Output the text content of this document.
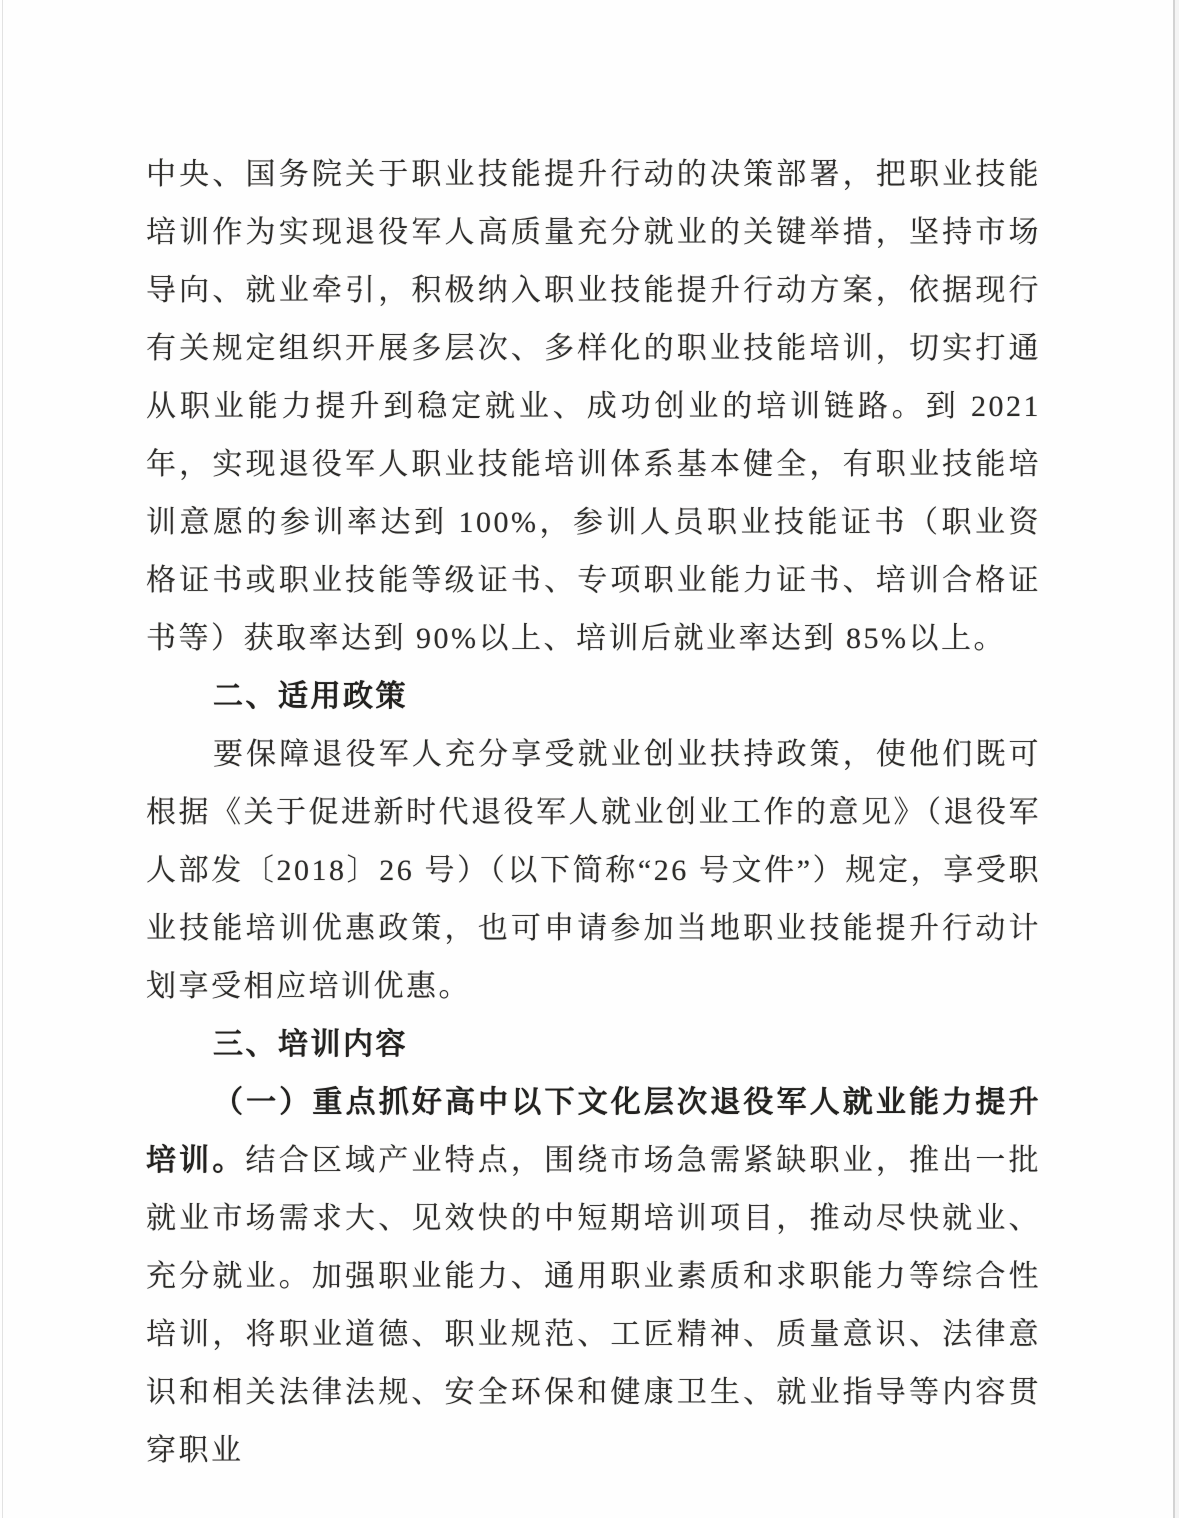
中央、国务院关于职业技能提升行动的决策部署，把职业技能培训作为实现退役军人高质量充分就业的关键举措，坚持市场导向、就业牵引，积极纳入职业技能提升行动方案，依据现行有关规定组织开展多层次、多样化的职业技能培训，切实打通从职业能力提升到稳定就业、成功创业的培训链路。到 2021 年，实现退役军人职业技能培训体系基本健全，有职业技能培训意愿的参训率达到 100%，参训人员职业技能证书（职业资格证书或职业技能等级证书、专项职业能力证书、培训合格证书等）获取率达到 90%以上、培训后就业率达到 85%以上。

二、适用政策

要保障退役军人充分享受就业创业扶持政策，使他们既可根据《关于促进新时代退役军人就业创业工作的意见》（退役军人部发〔2018〕26 号）（以下简称“26 号文件”）规定，享受职业技能培训优惠政策，也可申请参加当地职业技能提升行动计划享受相应培训优惠。

三、培训内容

（一）重点抓好高中以下文化层次退役军人就业能力提升培训。结合区域产业特点，围绕市场急需紧缺职业，推出一批就业市场需求大、见效快的中短期培训项目，推动尽快就业、充分就业。加强职业能力、通用职业素质和求职能力等综合性培训，将职业道德、职业规范、工匠精神、质量意识、法律意识和相关法律法规、安全环保和健康卫生、就业指导等内容贯穿职业
